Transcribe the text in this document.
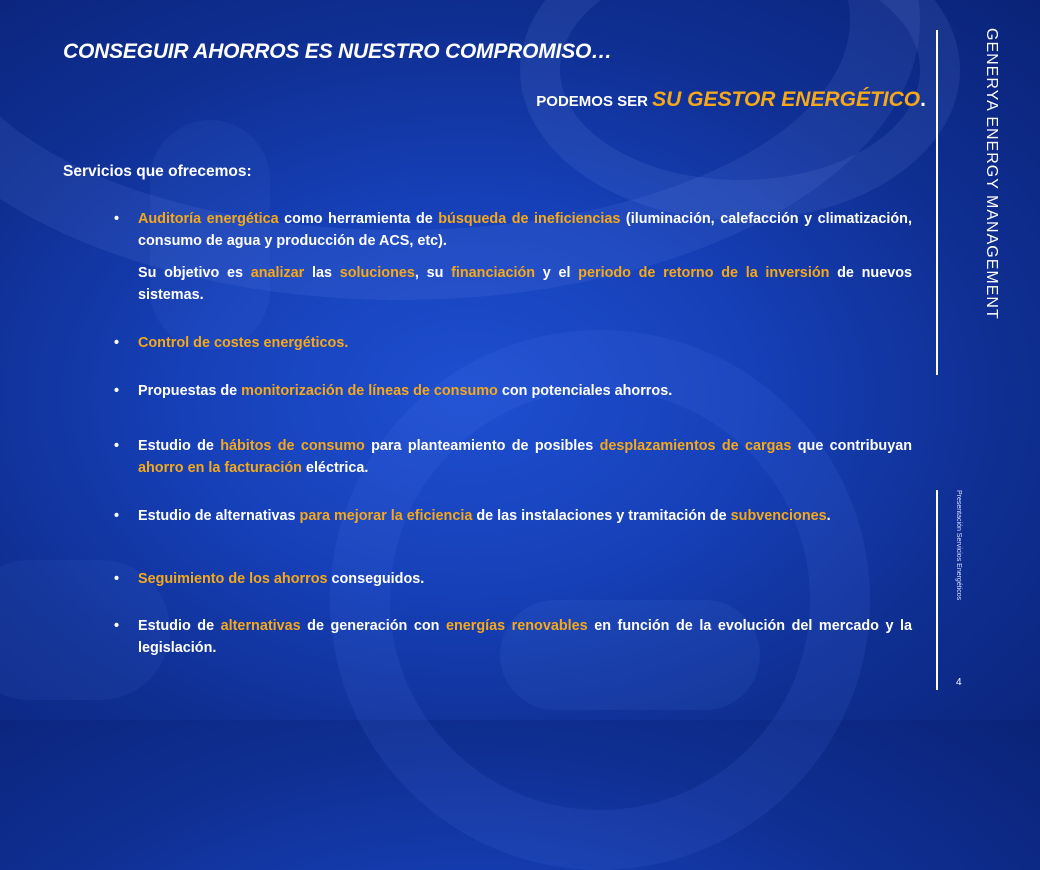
CONSEGUIR AHORROS ES NUESTRO COMPROMISO…
PODEMOS SER SU GESTOR ENERGÉTICO.	GENERYA ENERGY MANAGEMENT
Presentación Servicios Energéticos
4
Servicios que ofrecemos:
• Auditoría energética como herramienta de búsqueda de ineficiencias (iluminación, calefacción y climatización, consumo de agua y producción de ACS, etc).
Su objetivo es analizar las soluciones, su financiación y el periodo de retorno de la inversión de nuevos sistemas.
• Control de costes energéticos.
• Propuestas de monitorización de líneas de consumo con potenciales ahorros.
• Estudio de hábitos de consumo para planteamiento de posibles desplazamientos de cargas que contribuyan ahorro en la facturación eléctrica.
• Estudio de alternativas para mejorar la eficiencia de las instalaciones y tramitación de subvenciones.
• Seguimiento de los ahorros conseguidos.
• Estudio de alternativas de generación con energías renovables en función de la evolución del mercado y la legislación.
